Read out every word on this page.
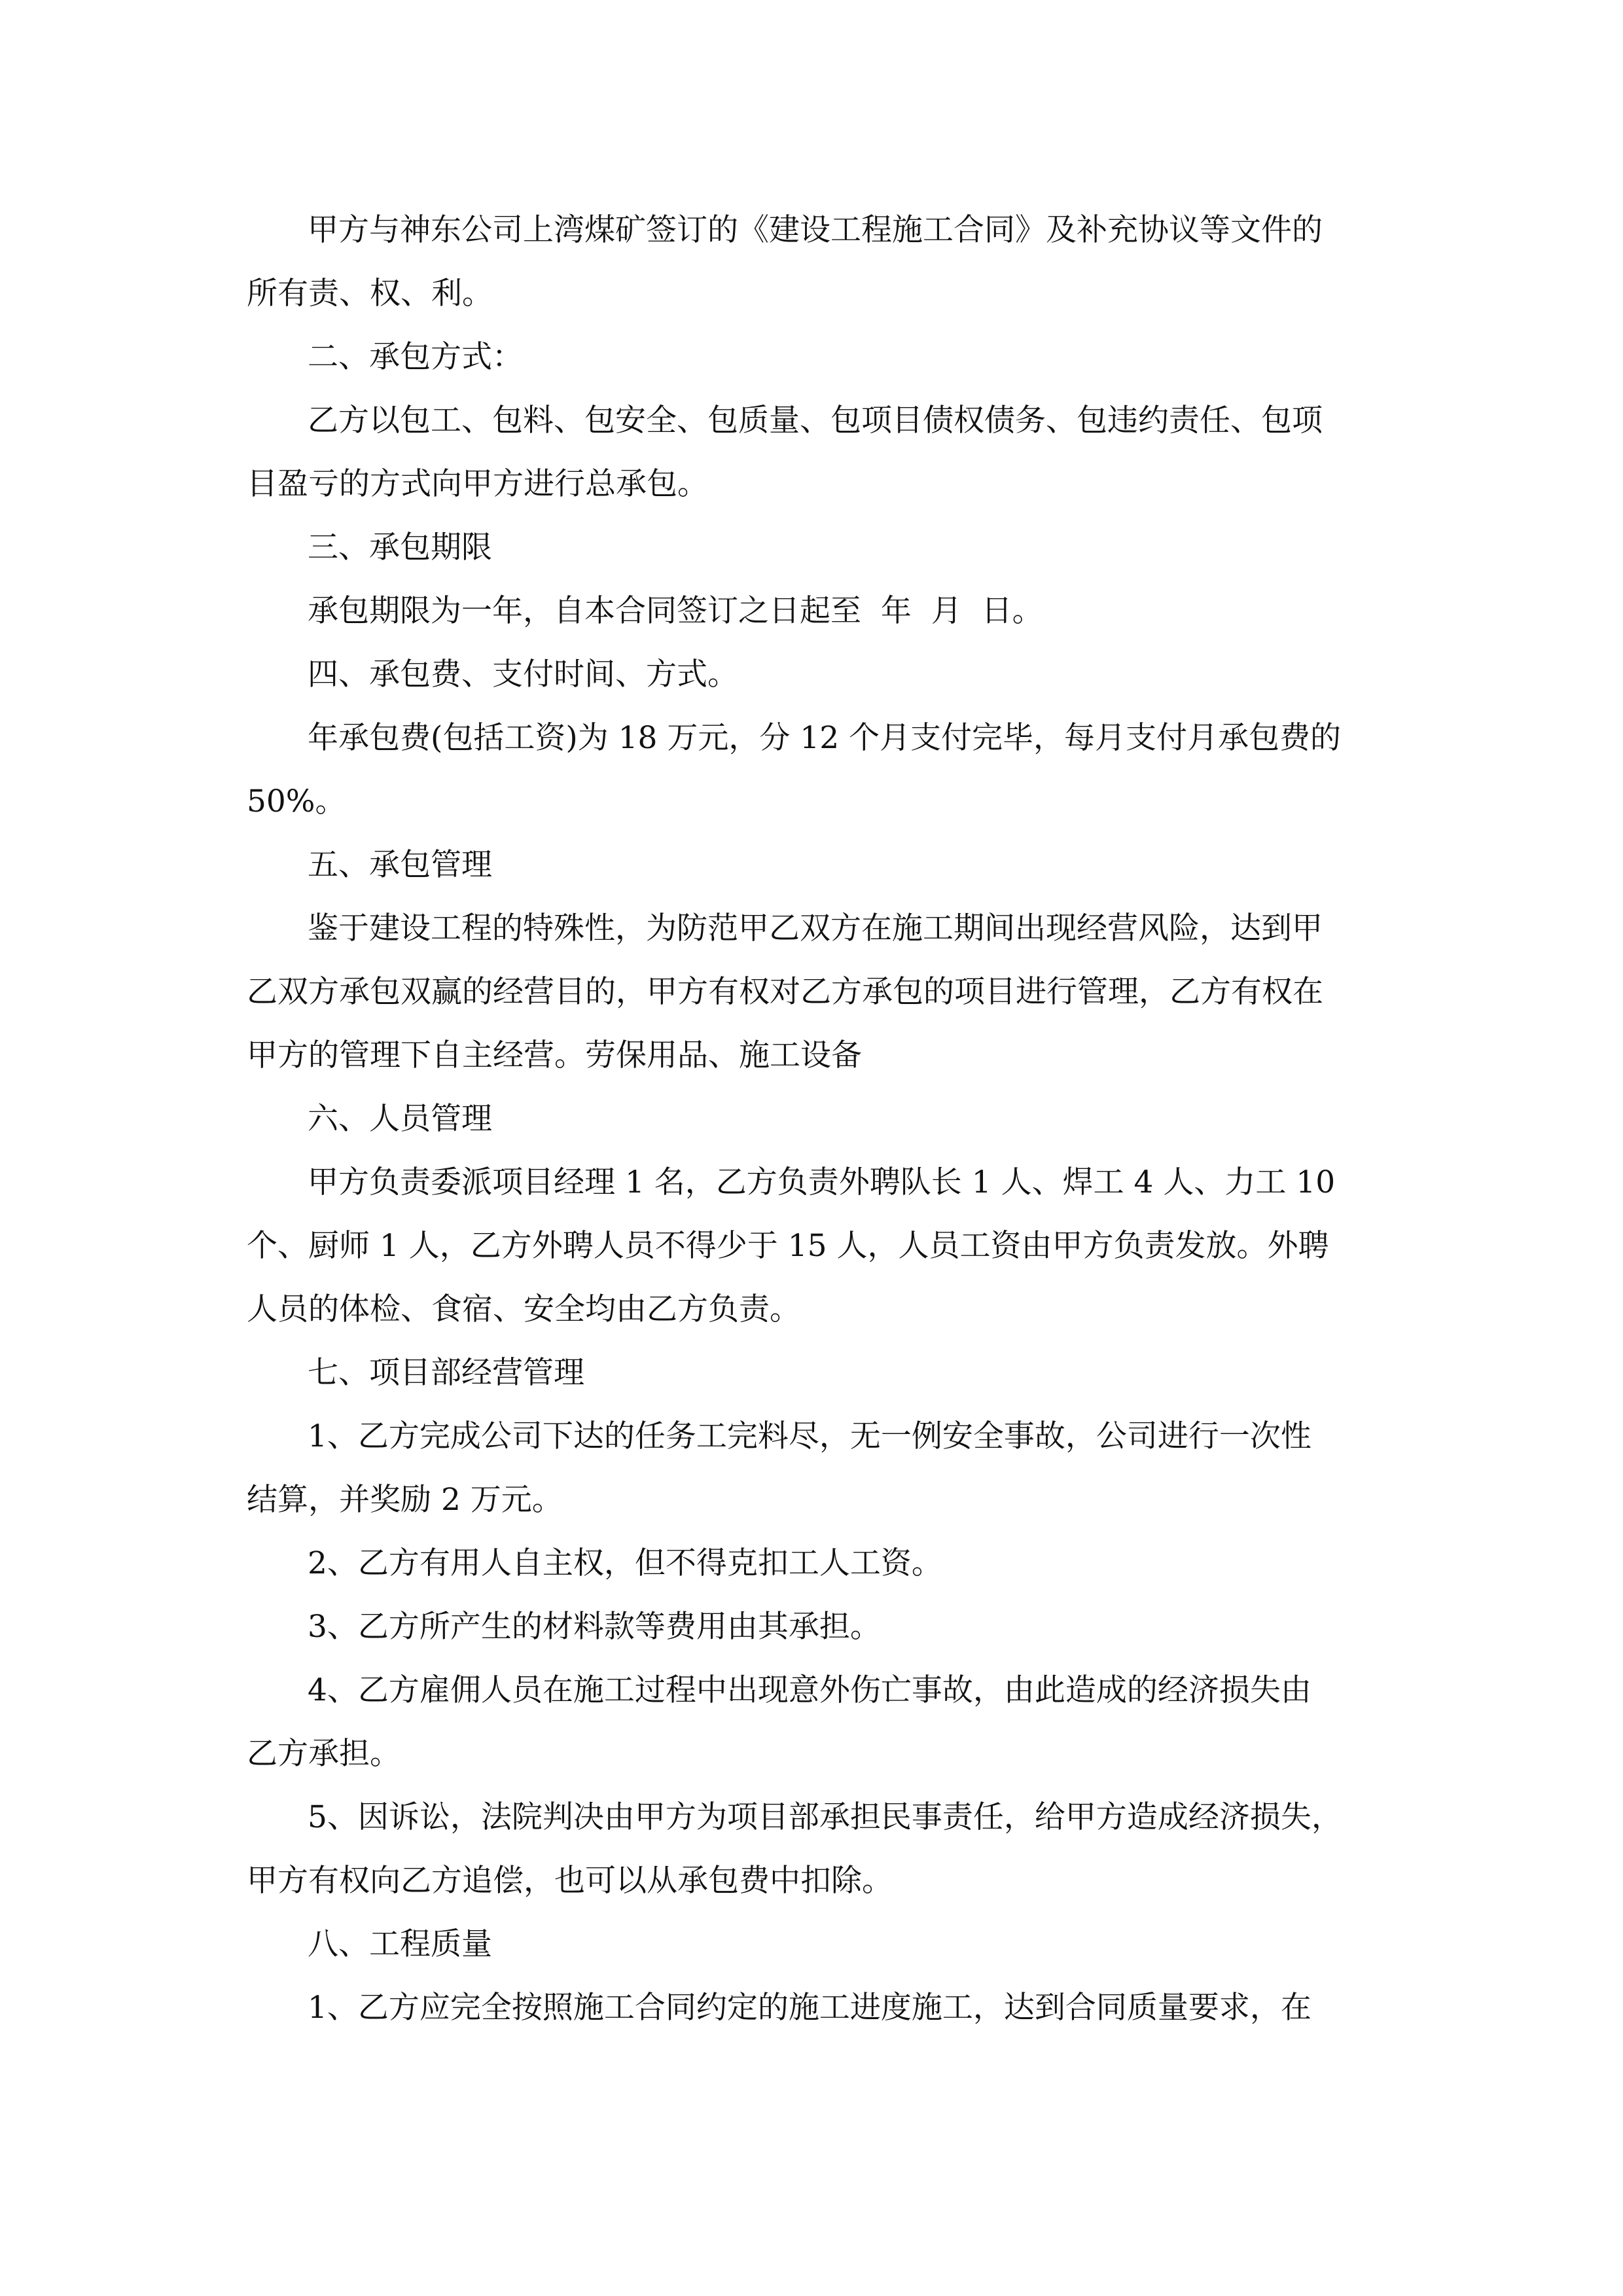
甲方与神东公司上湾煤矿签订的《建设工程施工合同》及补充协议等文件的

所有责、权、利。

二、承包方式：

乙方以包工、包料、包安全、包质量、包项目债权债务、包违约责任、包项

目盈亏的方式向甲方进行总承包。

三、承包期限

承包期限为一年，自本合同签订之日起至  年  月  日。

四、承包费、支付时间、方式。

年承包费(包括工资)为 18 万元，分 12 个月支付完毕，每月支付月承包费的

50%。

五、承包管理

鉴于建设工程的特殊性，为防范甲乙双方在施工期间出现经营风险，达到甲

乙双方承包双赢的经营目的，甲方有权对乙方承包的项目进行管理，乙方有权在

甲方的管理下自主经营。劳保用品、施工设备

六、人员管理

甲方负责委派项目经理 1 名，乙方负责外聘队长 1 人、焊工 4 人、力工 10

个、厨师 1 人，乙方外聘人员不得少于 15 人，人员工资由甲方负责发放。外聘

人员的体检、食宿、安全均由乙方负责。

七、项目部经营管理

1、乙方完成公司下达的任务工完料尽，无一例安全事故，公司进行一次性

结算，并奖励 2 万元。

2、乙方有用人自主权，但不得克扣工人工资。

3、乙方所产生的材料款等费用由其承担。

4、乙方雇佣人员在施工过程中出现意外伤亡事故，由此造成的经济损失由

乙方承担。

5、因诉讼，法院判决由甲方为项目部承担民事责任，给甲方造成经济损失，

甲方有权向乙方追偿，也可以从承包费中扣除。

八、工程质量

1、乙方应完全按照施工合同约定的施工进度施工，达到合同质量要求，在
